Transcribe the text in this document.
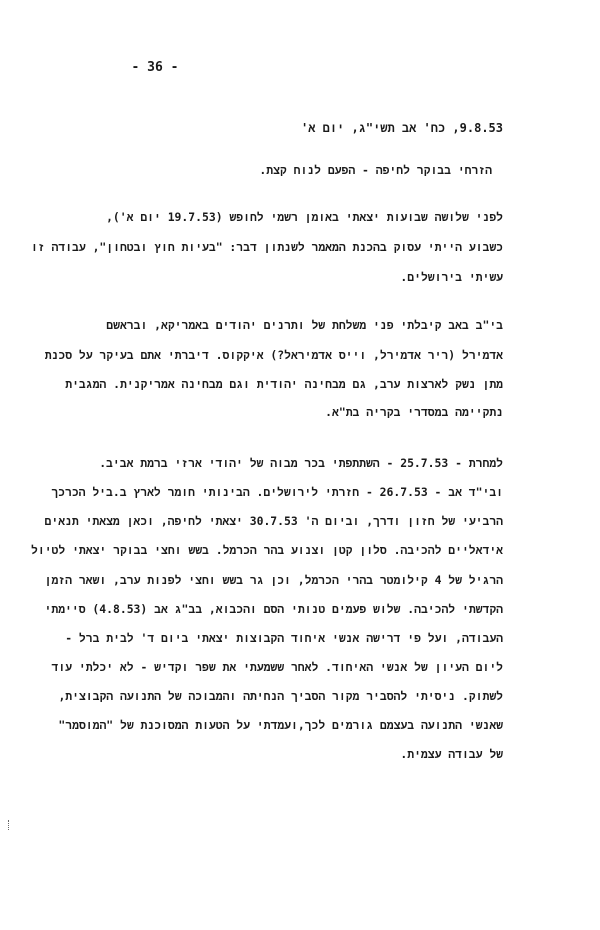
- 36 -
9.8.53, כח' אב תשי"ג, יום א'
הזרחי בבוקר לחיפה - הפעם לנוח קצת.
לפני שלושה שבועות יצאתי באומן רשמי לחופש (19.7.53 יום א'),
כשבוע הייתי עסוק בהכנת המאמר לשנתון דבר: "בעיות חוץ ובטחון", עבודה זו
עשיתי בירושלים.
בי"ב באב קיבלתי פני משלחת של ותרנים יהודים באמריקא, ובראשם
אדמירל (ריר אדמירל, וייס אדמיראל?) איקקוס. דיברתי אתם בעיקר על סכנת
מתן נשק לארצות ערב, גם מבחינה יהודית וגם מבחינה אמריקנית. המגבית
נתקיימה במסדרי בקריה בת"א.
למחרת - 25.7.53 - השתתפתי בכר מבוה של יהודי ארזי ברמת אביב.
ובי"ד אב - 26.7.53 - חזרתי לירושלים. הבינותי חומר לארץ ב.ביל הכרכך
הרביעי של חזון ודרך, וביום ה' 30.7.53 יצאתי לחיפה, וכאן מצאתי תנאים
אידאליים להכיבה. סלון קטן וצנוע בהר הכרמל. בשש וחצי בבוקר יצאתי לטיול
הרגיל של 4 קילומטר בהרי הכרמל, וכן גר בשש וחצי לפנות ערב, ושאר הזמן
הקדשתי להכיבה. שלוש פעמים טנותי הסם והכבוא, בב"ג אב (4.8.53) סיימתי
העבודה, ועל פי דרישה אנשי איחוד הקבוצות יצאתי ביום ד' לבית ברל -
ליום העיון של אנשי האיחוד. לאחר ששמעתי את שפר וקדיש - לא יכלתי עוד
לשתוק. ניסיתי להסביר מקור הסביך הנחיתה והמבוכה של התנועה הקבוצית,
שאנשי התנועה בעצמם גורמים לכך,ועמדתי על הטעות המסוכנת של "המוסמר"
של עבודה עצמית.
